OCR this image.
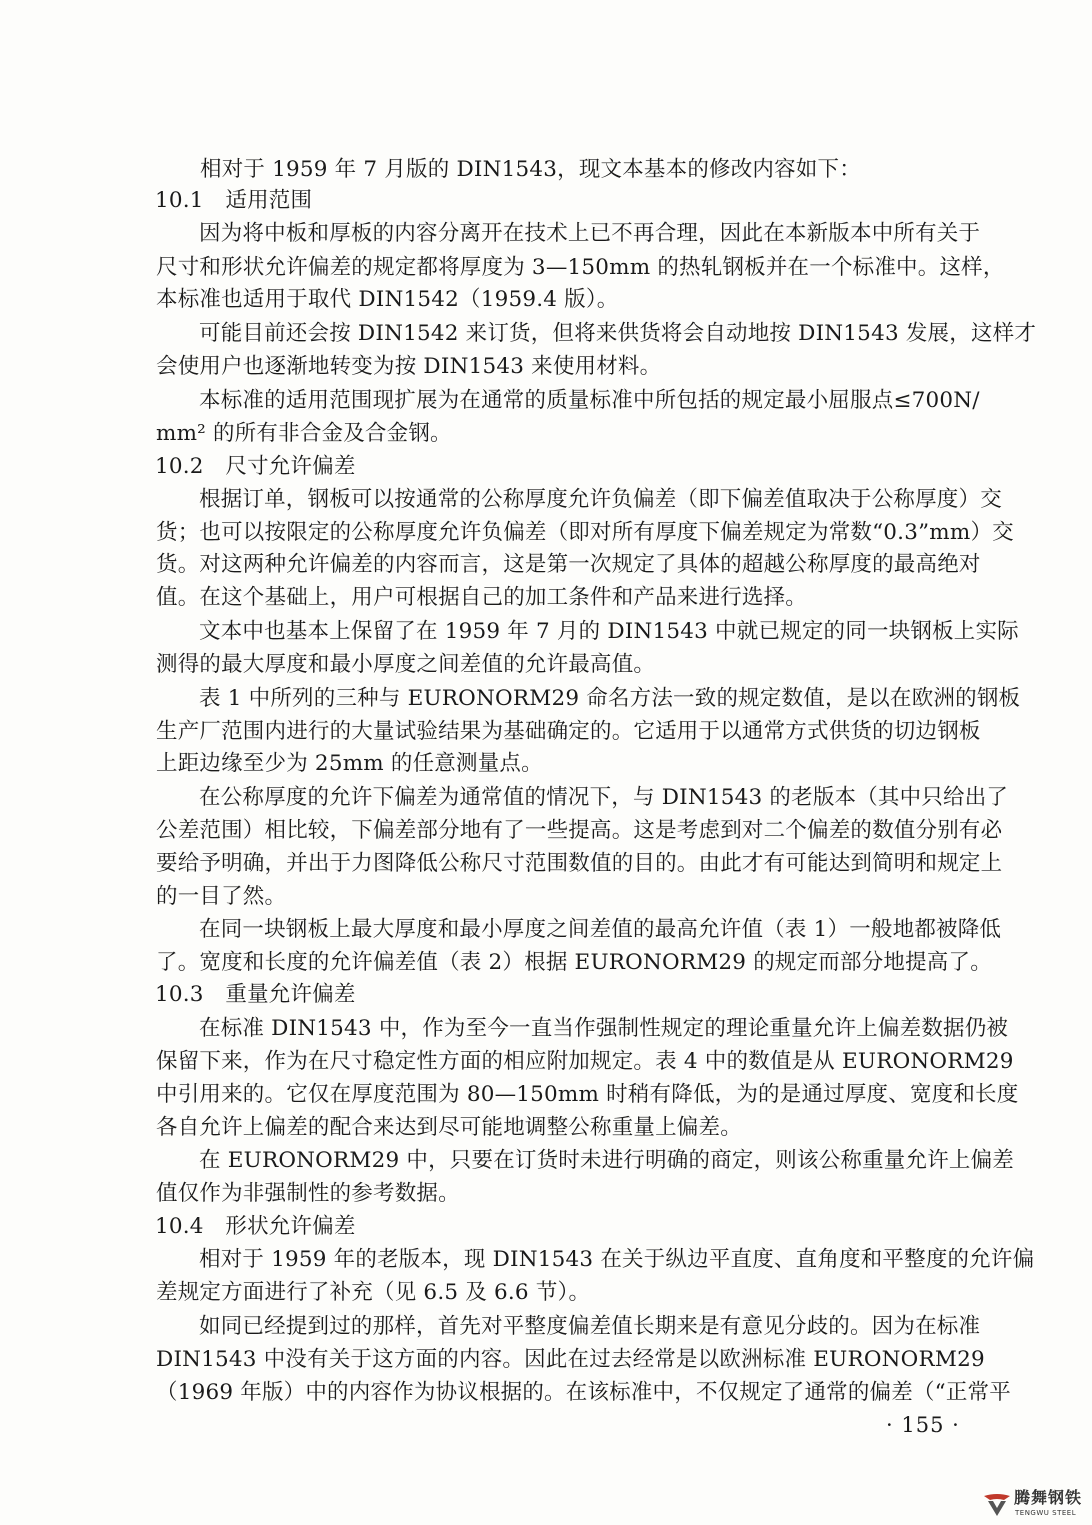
相对于 1959 年 7 月版的 DIN1543，现文本基本的修改内容如下：
10.1　适用范围
因为将中板和厚板的内容分离开在技术上已不再合理，因此在本新版本中所有关于
尺寸和形状允许偏差的规定都将厚度为 3—150mm 的热轧钢板并在一个标准中。这样，
本标准也适用于取代 DIN1542（1959.4 版）。
可能目前还会按 DIN1542 来订货，但将来供货将会自动地按 DIN1543 发展，这样才
会使用户也逐渐地转变为按 DIN1543 来使用材料。
本标准的适用范围现扩展为在通常的质量标准中所包括的规定最小屈服点≤700N/
mm² 的所有非合金及合金钢。
10.2　尺寸允许偏差
根据订单，钢板可以按通常的公称厚度允许负偏差（即下偏差值取决于公称厚度）交
货；也可以按限定的公称厚度允许负偏差（即对所有厚度下偏差规定为常数“0.3”mm）交
货。对这两种允许偏差的内容而言，这是第一次规定了具体的超越公称厚度的最高绝对
值。在这个基础上，用户可根据自己的加工条件和产品来进行选择。
文本中也基本上保留了在 1959 年 7 月的 DIN1543 中就已规定的同一块钢板上实际
测得的最大厚度和最小厚度之间差值的允许最高值。
表 1 中所列的三种与 EURONORM29 命名方法一致的规定数值，是以在欧洲的钢板
生产厂范围内进行的大量试验结果为基础确定的。它适用于以通常方式供货的切边钢板
上距边缘至少为 25mm 的任意测量点。
在公称厚度的允许下偏差为通常值的情况下，与 DIN1543 的老版本（其中只给出了
公差范围）相比较，下偏差部分地有了一些提高。这是考虑到对二个偏差的数值分别有必
要给予明确，并出于力图降低公称尺寸范围数值的目的。由此才有可能达到简明和规定上
的一目了然。
在同一块钢板上最大厚度和最小厚度之间差值的最高允许值（表 1）一般地都被降低
了。宽度和长度的允许偏差值（表 2）根据 EURONORM29 的规定而部分地提高了。
10.3　重量允许偏差
在标准 DIN1543 中，作为至今一直当作强制性规定的理论重量允许上偏差数据仍被
保留下来，作为在尺寸稳定性方面的相应附加规定。表 4 中的数值是从 EURONORM29
中引用来的。它仅在厚度范围为 80—150mm 时稍有降低，为的是通过厚度、宽度和长度
各自允许上偏差的配合来达到尽可能地调整公称重量上偏差。
在 EURONORM29 中，只要在订货时未进行明确的商定，则该公称重量允许上偏差
值仅作为非强制性的参考数据。
10.4　形状允许偏差
相对于 1959 年的老版本，现 DIN1543 在关于纵边平直度、直角度和平整度的允许偏
差规定方面进行了补充（见 6.5 及 6.6 节）。
如同已经提到过的那样，首先对平整度偏差值长期来是有意见分歧的。因为在标准
DIN1543 中没有关于这方面的内容。因此在过去经常是以欧洲标准 EURONORM29
（1969 年版）中的内容作为协议根据的。在该标准中，不仅规定了通常的偏差（“正常平
· 155 ·
腾舞钢铁
TENGWU STEEL
